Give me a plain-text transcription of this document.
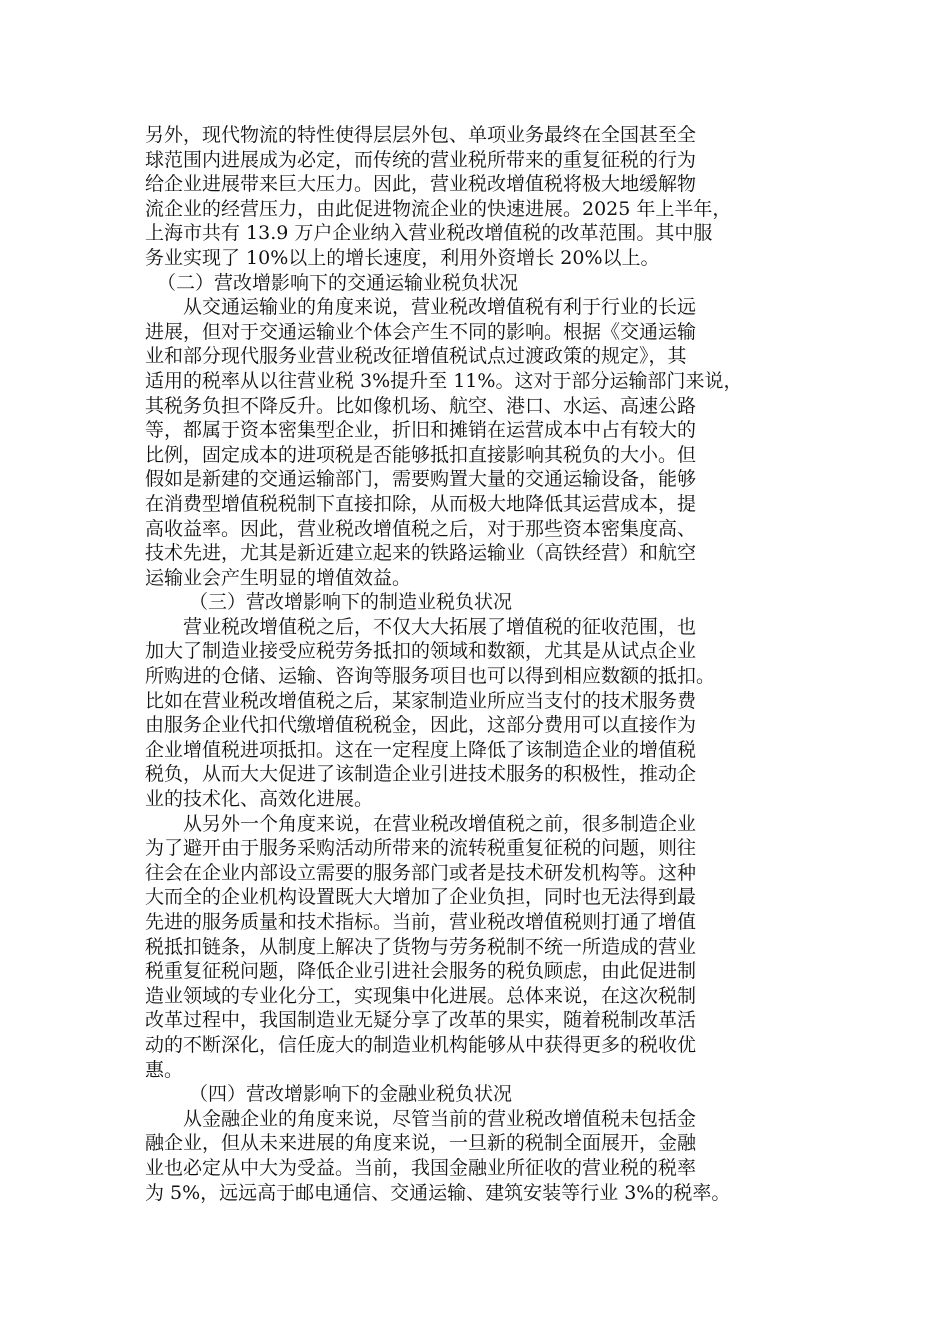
另外，现代物流的特性使得层层外包、单项业务最终在全国甚至全
球范围内进展成为必定，而传统的营业税所带来的重复征税的行为
给企业进展带来巨大压力。因此，营业税改增值税将极大地缓解物
流企业的经营压力，由此促进物流企业的快速进展。2025 年上半年，
上海市共有 13.9 万户企业纳入营业税改增值税的改革范围。其中服
务业实现了 10%以上的增长速度，利用外资增长 20%以上。

（二）营改增影响下的交通运输业税负状况

从交通运输业的角度来说，营业税改增值税有利于行业的长远
进展，但对于交通运输业个体会产生不同的影响。根据《交通运输
业和部分现代服务业营业税改征增值税试点过渡政策的规定》，其
适用的税率从以往营业税 3%提升至 11%。这对于部分运输部门来说，
其税务负担不降反升。比如像机场、航空、港口、水运、高速公路
等，都属于资本密集型企业，折旧和摊销在运营成本中占有较大的
比例，固定成本的进项税是否能够抵扣直接影响其税负的大小。但
假如是新建的交通运输部门，需要购置大量的交通运输设备，能够
在消费型增值税税制下直接扣除，从而极大地降低其运营成本，提
高收益率。因此，营业税改增值税之后，对于那些资本密集度高、
技术先进，尤其是新近建立起来的铁路运输业（高铁经营）和航空
运输业会产生明显的增值效益。

（三）营改增影响下的制造业税负状况

营业税改增值税之后，不仅大大拓展了增值税的征收范围，也
加大了制造业接受应税劳务抵扣的领域和数额，尤其是从试点企业
所购进的仓储、运输、咨询等服务项目也可以得到相应数额的抵扣。
比如在营业税改增值税之后，某家制造业所应当支付的技术服务费
由服务企业代扣代缴增值税税金，因此，这部分费用可以直接作为
企业增值税进项抵扣。这在一定程度上降低了该制造企业的增值税
税负，从而大大促进了该制造企业引进技术服务的积极性，推动企
业的技术化、高效化进展。

从另外一个角度来说，在营业税改增值税之前，很多制造企业
为了避开由于服务采购活动所带来的流转税重复征税的问题，则往
往会在企业内部设立需要的服务部门或者是技术研发机构等。这种
大而全的企业机构设置既大大增加了企业负担，同时也无法得到最
先进的服务质量和技术指标。当前，营业税改增值税则打通了增值
税抵扣链条，从制度上解决了货物与劳务税制不统一所造成的营业
税重复征税问题，降低企业引进社会服务的税负顾虑，由此促进制
造业领域的专业化分工，实现集中化进展。总体来说，在这次税制
改革过程中，我国制造业无疑分享了改革的果实，随着税制改革活
动的不断深化，信任庞大的制造业机构能够从中获得更多的税收优
惠。

（四）营改增影响下的金融业税负状况

从金融企业的角度来说，尽管当前的营业税改增值税未包括金
融企业，但从未来进展的角度来说，一旦新的税制全面展开，金融
业也必定从中大为受益。当前，我国金融业所征收的营业税的税率
为 5%，远远高于邮电通信、交通运输、建筑安装等行业 3%的税率。
